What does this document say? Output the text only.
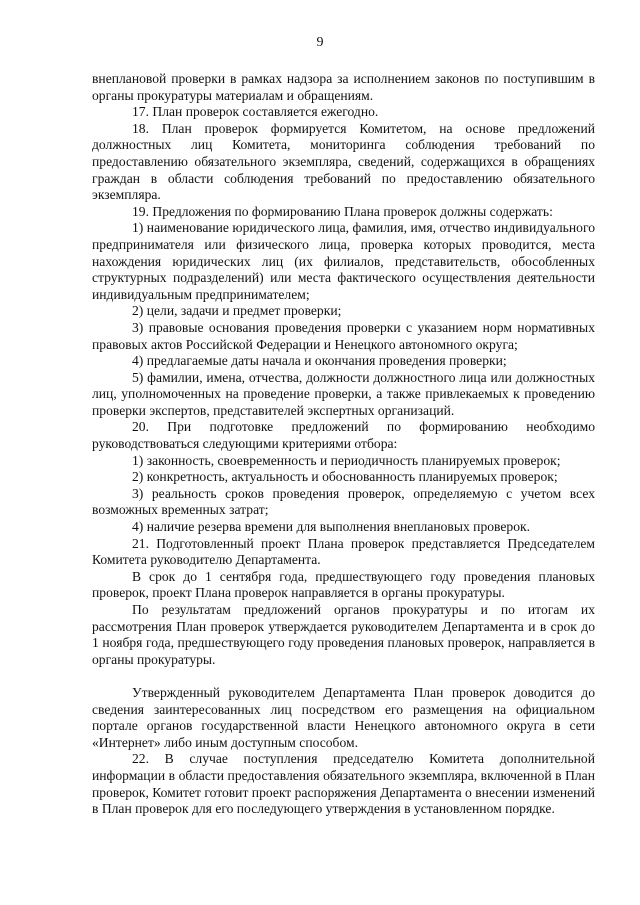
9

внеплановой проверки в рамках надзора за исполнением законов по поступившим в органы прокуратуры материалам и обращениям.

17. План проверок составляется ежегодно.

18. План проверок формируется Комитетом, на основе предложений должностных лиц Комитета, мониторинга соблюдения требований по предоставлению обязательного экземпляра, сведений, содержащихся в обращениях граждан в области соблюдения требований по предоставлению обязательного экземпляра.

19. Предложения по формированию Плана проверок должны содержать:

1) наименование юридического лица, фамилия, имя, отчество индивидуального предпринимателя или физического лица, проверка которых проводится, места нахождения юридических лиц (их филиалов, представительств, обособленных структурных подразделений) или места фактического осуществления деятельности индивидуальным предпринимателем;

2) цели, задачи и предмет проверки;

3) правовые основания проведения проверки с указанием норм нормативных правовых актов Российской Федерации и Ненецкого автономного округа;

4) предлагаемые даты начала и окончания проведения проверки;

5) фамилии, имена, отчества, должности должностного лица или должностных лиц, уполномоченных на проведение проверки, а также привлекаемых к проведению проверки экспертов, представителей экспертных организаций.

20. При подготовке предложений по формированию необходимо руководствоваться следующими критериями отбора:

1) законность, своевременность и периодичность планируемых проверок;

2) конкретность, актуальность и обоснованность планируемых проверок;

3) реальность сроков проведения проверок, определяемую с учетом всех возможных временных затрат;

4) наличие резерва времени для выполнения внеплановых проверок.

21. Подготовленный проект Плана проверок представляется Председателем Комитета руководителю Департамента.

В срок до 1 сентября года, предшествующего году проведения плановых проверок, проект Плана проверок направляется в органы прокуратуры.

По результатам предложений органов прокуратуры и по итогам их рассмотрения План проверок утверждается руководителем Департамента и в срок до 1 ноября года, предшествующего году проведения плановых проверок, направляется в органы прокуратуры.

Утвержденный руководителем Департамента План проверок доводится до сведения заинтересованных лиц посредством его размещения на официальном портале органов государственной власти Ненецкого автономного округа в сети «Интернет» либо иным доступным способом.

22. В случае поступления председателю Комитета дополнительной информации в области предоставления обязательного экземпляра, включенной в План проверок, Комитет готовит проект распоряжения Департамента о внесении изменений в План проверок для его последующего утверждения в установленном порядке.
